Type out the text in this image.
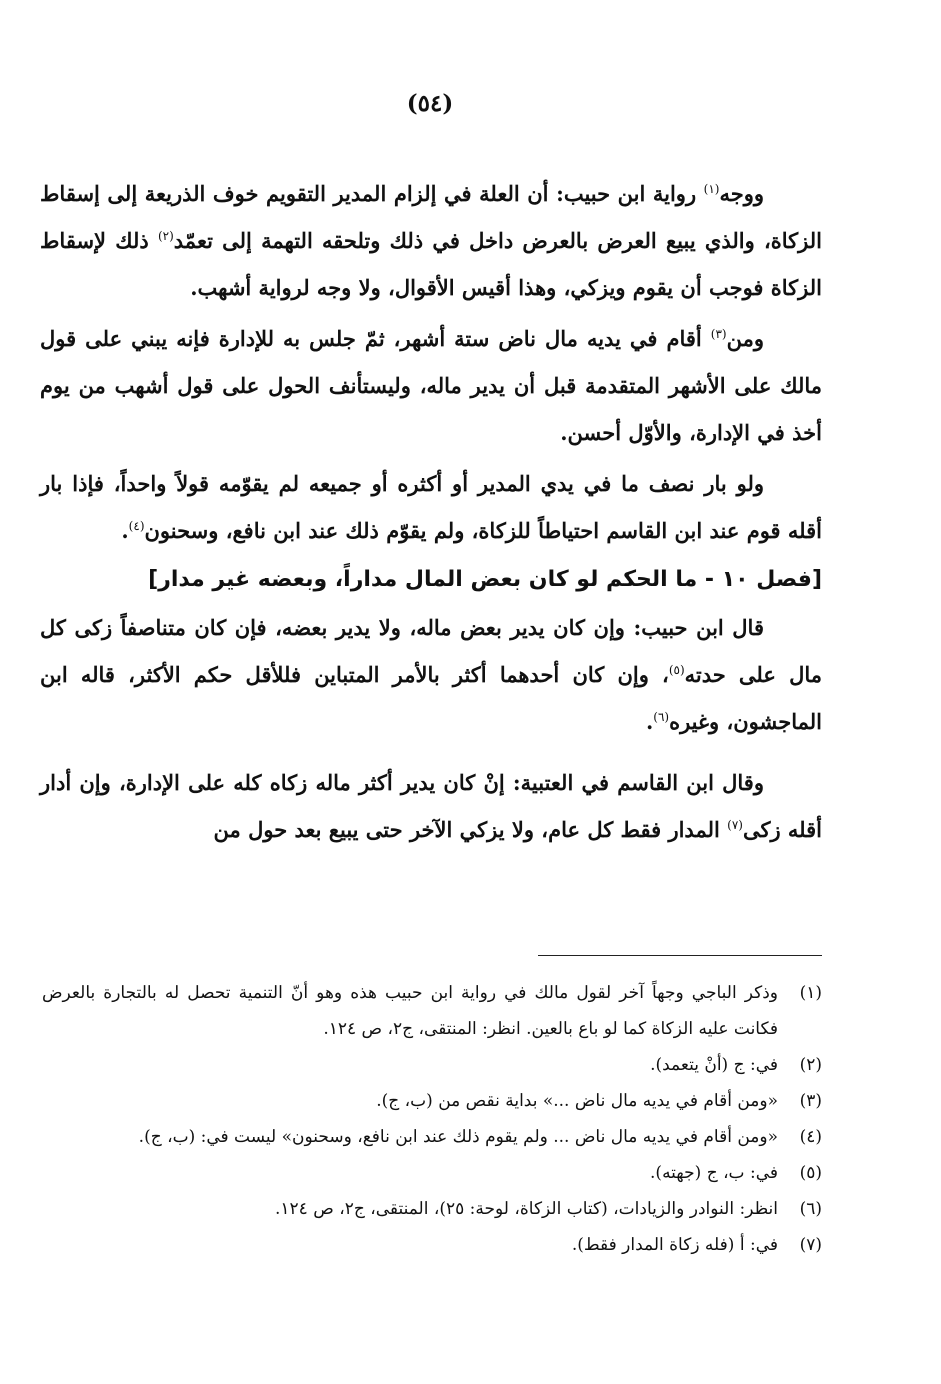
(٥٤)

ووجه$^{(١)}$ رواية ابن حبيب: أن العلة في إلزام المدير التقويم خوف الذريعة إلى إسقاط الزكاة، والذي يبيع العرض بالعرض داخل في ذلك وتلحقه التهمة إلى تعمّد$^{(٢)}$ ذلك لإسقاط الزكاة فوجب أن يقوم ويزكي، وهذا أقيس الأقوال، ولا وجه لرواية أشهب.

ومن$^{(٣)}$ أقام في يديه مال ناض ستة أشهر، ثمّ جلس به للإدارة فإنه يبني على قول مالك على الأشهر المتقدمة قبل أن يدير ماله، وليستأنف الحول على قول أشهب من يوم أخذ في الإدارة، والأوّل أحسن.

ولو بار نصف ما في يدي المدير أو أكثره أو جميعه لم يقوّمه قولاً واحداً، فإذا بار أقله قوم عند ابن القاسم احتياطاً للزكاة، ولم يقوّم ذلك عند ابن نافع، وسحنون$^{(٤)}$.

[فصل ١٠ - ما الحكم لو كان بعض المال مداراً، وبعضه غير مدار]

قال ابن حبيب: وإن كان يدير بعض ماله، ولا يدير بعضه، فإن كان متناصفاً زكى كل مال على حدته$^{(٥)}$، وإن كان أحدهما أكثر بالأمر المتباين فللأقل حكم الأكثر، قاله ابن الماجشون، وغيره$^{(٦)}$.

وقال ابن القاسم في العتبية: إنْ كان يدير أكثر ماله زكاه كله على الإدارة، وإن أدار أقله زكى$^{(٧)}$ المدار فقط كل عام، ولا يزكي الآخر حتى يبيع بعد حول من

(١)
وذكر الباجي وجهاً آخر لقول مالك في رواية ابن حبيب هذه وهو أنّ التنمية تحصل له بالتجارة بالعرض فكانت عليه الزكاة كما لو باع بالعين. انظر: المنتقى، ج٢، ص ١٢٤.
(٢)
في: ج (أنْ يتعمد).
(٣)
«ومن أقام في يديه مال ناض ...» بداية نقص من (ب، ج).
(٤)
«ومن أقام في يديه مال ناض ... ولم يقوم ذلك عند ابن نافع، وسحنون» ليست في: (ب، ج).
(٥)
في: ب، ج (جهته).
(٦)
انظر: النوادر والزيادات، (كتاب الزكاة، لوحة: ٢٥)، المنتقى، ج٢، ص ١٢٤.
(٧)
في: أ (فله زكاة المدار فقط).
